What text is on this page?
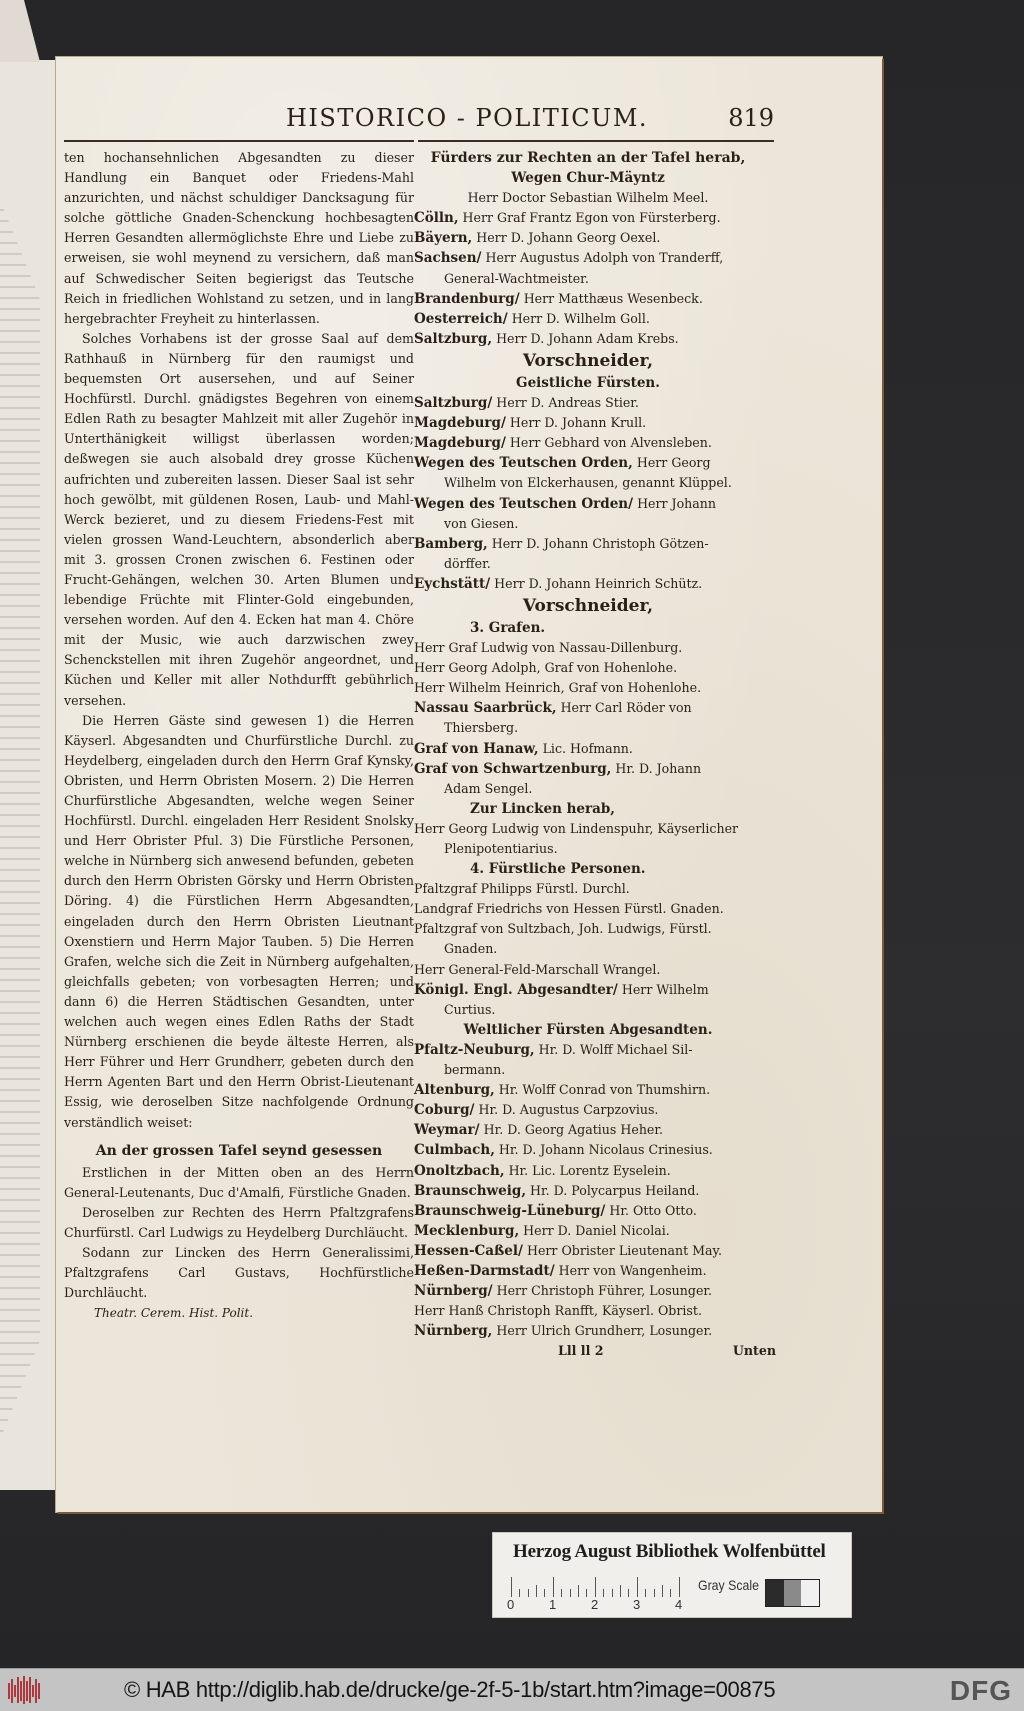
HISTORICO - POLITICUM.	819

ten hochansehnlichen Abgesandten zu dieser Handlung ein Banquet oder Friedens-Mahl anzurichten, und nächst schuldiger Dancksagung für solche göttliche Gnaden-Schenckung hochbesagten Herren Gesandten allermöglichste Ehre und Liebe zu erweisen, sie wohl meynend zu versichern, daß man auf Schwedischer Seiten begierigst das Teutsche Reich in friedlichen Wohlstand zu setzen, und in lang hergebrachter Freyheit zu hinterlassen.

Solches Vorhabens ist der grosse Saal auf dem Rathhauß in Nürnberg für den raumigst und bequemsten Ort ausersehen, und auf Seiner Hochfürstl. Durchl. gnädigstes Begehren von einem Edlen Rath zu besagter Mahlzeit mit aller Zugehör in Unterthänigkeit willigst überlassen worden; deßwegen sie auch alsobald drey grosse Küchen aufrichten und zubereiten lassen. Dieser Saal ist sehr hoch gewölbt, mit güldenen Rosen, Laub- und Mahl-Werck bezieret, und zu diesem Friedens-Fest mit vielen grossen Wand-Leuchtern, absonderlich aber mit 3. grossen Cronen zwischen 6. Festinen oder Frucht-Gehängen, welchen 30. Arten Blumen und lebendige Früchte mit Flinter-Gold eingebunden, versehen worden. Auf den 4. Ecken hat man 4. Chöre mit der Music, wie auch darzwischen zwey Schenckstellen mit ihren Zugehör angeordnet, und Küchen und Keller mit aller Nothdurfft gebührlich versehen.

Die Herren Gäste sind gewesen 1) die Herren Käyserl. Abgesandten und Churfürstliche Durchl. zu Heydelberg, eingeladen durch den Herrn Graf Kynsky, Obristen, und Herrn Obristen Mosern. 2) Die Herren Churfürstliche Abgesandten, welche wegen Seiner Hochfürstl. Durchl. eingeladen Herr Resident Snolsky und Herr Obrister Pful. 3) Die Fürstliche Personen, welche in Nürnberg sich anwesend befunden, gebeten durch den Herrn Obristen Görsky und Herrn Obristen Döring. 4) die Fürstlichen Herrn Abgesandten, eingeladen durch den Herrn Obristen Lieutnant Oxenstiern und Herrn Major Tauben. 5) Die Herren Grafen, welche sich die Zeit in Nürnberg aufgehalten, gleichfalls gebeten; von vorbesagten Herren; und dann 6) die Herren Städtischen Gesandten, unter welchen auch wegen eines Edlen Raths der Stadt Nürnberg erschienen die beyde älteste Herren, als Herr Führer und Herr Grundherr, gebeten durch den Herrn Agenten Bart und den Herrn Obrist-Lieutenant Essig, wie deroselben Sitze nachfolgende Ordnung verständlich weiset:

An der grossen Tafel seynd gesessen

Erstlichen in der Mitten oben an des Herrn General-Leutenants, Duc d'Amalfi, Fürstliche Gnaden.

Deroselben zur Rechten des Herrn Pfaltzgrafens Churfürstl. Carl Ludwigs zu Heydelberg Durchläucht.

Sodann zur Lincken des Herrn Generalissimi, Pfaltzgrafens Carl Gustavs, Hochfürstliche Durchläucht.

Theatr. Cerem. Hist. Polit.

Fürders zur Rechten an der Tafel herab,
Wegen Chur-Mäyntz
Herr Doctor Sebastian Wilhelm Meel.
Cölln, Herr Graf Frantz Egon von Fürsterberg.
Bäyern, Herr D. Johann Georg Oexel.
Sachsen/ Herr Augustus Adolph von Tranderff,
General-Wachtmeister.
Brandenburg/ Herr Matthæus Wesenbeck.
Oesterreich/ Herr D. Wilhelm Goll.
Saltzburg, Herr D. Johann Adam Krebs.
Vorschneider,
Geistliche Fürsten.
Saltzburg/ Herr D. Andreas Stier.
Magdeburg/ Herr D. Johann Krull.
Magdeburg/ Herr Gebhard von Alvensleben.
Wegen des Teutschen Orden, Herr Georg
Wilhelm von Elckerhausen, genannt Klüppel.
Wegen des Teutschen Orden/ Herr Johann
von Giesen.
Bamberg, Herr D. Johann Christoph Götzen-
dörffer.
Eychstätt/ Herr D. Johann Heinrich Schütz.
Vorschneider,
3. Grafen.
Herr Graf Ludwig von Nassau-Dillenburg.
Herr Georg Adolph, Graf von Hohenlohe.
Herr Wilhelm Heinrich, Graf von Hohenlohe.
Nassau Saarbrück, Herr Carl Röder von
Thiersberg.
Graf von Hanaw, Lic. Hofmann.
Graf von Schwartzenburg, Hr. D. Johann
Adam Sengel.
Zur Lincken herab,
Herr Georg Ludwig von Lindenspuhr, Käyserlicher
Plenipotentiarius.
4. Fürstliche Personen.
Pfaltzgraf Philipps Fürstl. Durchl.
Landgraf Friedrichs von Hessen Fürstl. Gnaden.
Pfaltzgraf von Sultzbach, Joh. Ludwigs, Fürstl.
Gnaden.
Herr General-Feld-Marschall Wrangel.
Königl. Engl. Abgesandter/ Herr Wilhelm
Curtius.
Weltlicher Fürsten Abgesandten.
Pfaltz-Neuburg, Hr. D. Wolff Michael Sil-
bermann.
Altenburg, Hr. Wolff Conrad von Thumshirn.
Coburg/ Hr. D. Augustus Carpzovius.
Weymar/ Hr. D. Georg Agatius Heher.
Culmbach, Hr. D. Johann Nicolaus Crinesius.
Onoltzbach, Hr. Lic. Lorentz Eyselein.
Braunschweig, Hr. D. Polycarpus Heiland.
Braunschweig-Lüneburg/ Hr. Otto Otto.
Mecklenburg, Herr D. Daniel Nicolai.
Hessen-Caßel/ Herr Obrister Lieutenant May.
Heßen-Darmstadt/ Herr von Wangenheim.
Nürnberg/ Herr Christoph Führer, Losunger.
Herr Hanß Christoph Ranfft, Käyserl. Obrist.
Nürnberg, Herr Ulrich Grundherr, Losunger.
Lll ll 2	Unten
Herzog August Bibliothek Wolfenbüttel
0	1	2	3	4
Gray Scale
© HAB http://diglib.hab.de/drucke/ge-2f-5-1b/start.htm?image=00875	DFG
